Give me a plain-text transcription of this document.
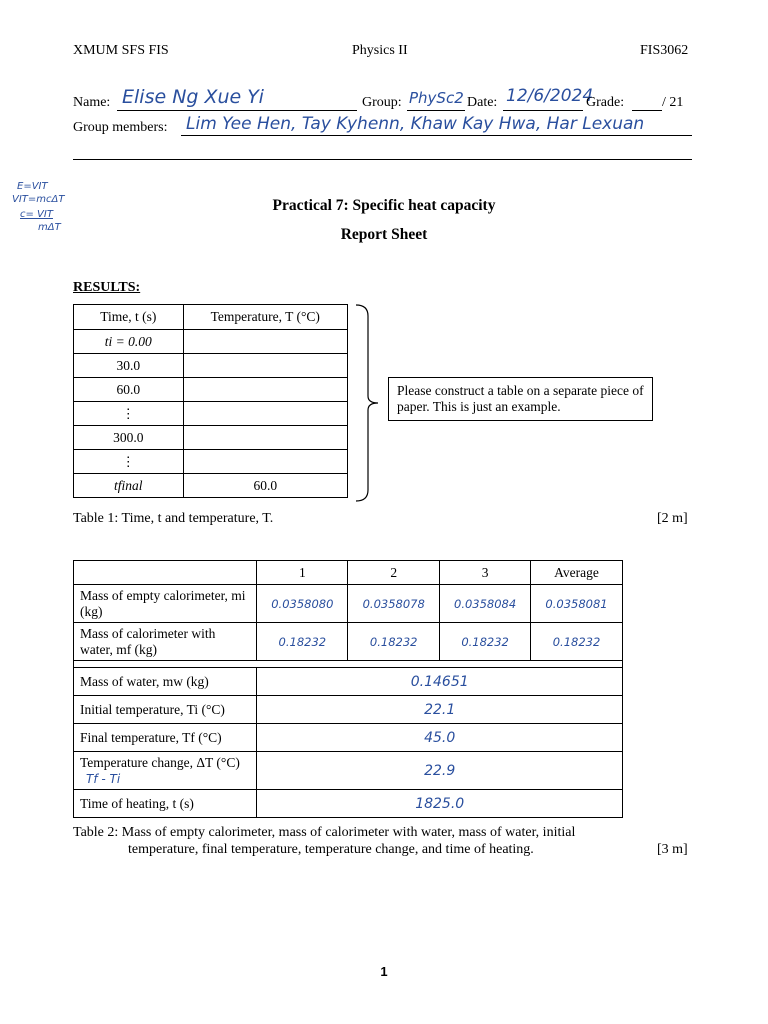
XMUM SFS FIS	Physics II	FIS3062
Name: Elise Ng Xue Yi	Group: PhySc2 Date: 12/6/2024
Grade:	/ 21
Group members: Lim Yee Hen, Tay Kyhenn, Khaw Kay Hwa, Har Lexuan
E=VIT
VIT=mcΔT
c= VIT
mΔT
Practical 7: Specific heat capacity
Report Sheet
RESULTS:
Time, t (s)	Temperature, T (°C)
ti = 0.00	
30.0	
60.0	
⋮	
300.0	
⋮	
tfinal	60.0
Please construct a table on a separate piece of paper. This is just an example.
Table 1: Time, t and temperature, T.	[2 m]
	1	2	3	Average
Mass of empty calorimeter, mi (kg)	0.0358080	0.0358078	0.0358084	0.0358081
Mass of calorimeter with water, mf (kg)	0.18232	0.18232	0.18232	0.18232

Mass of water, mw (kg)	0.14651			
Initial temperature, Ti (°C)	22.1			
Final temperature, Tf (°C)	45.0			
Temperature change, ΔT (°C) Tf - Ti	22.9			
Time of heating, t (s)	1825.0			
Table 2: Mass of empty calorimeter, mass of calorimeter with water, mass of water, initial
temperature, final temperature, temperature change, and time of heating.	[3 m]
1
